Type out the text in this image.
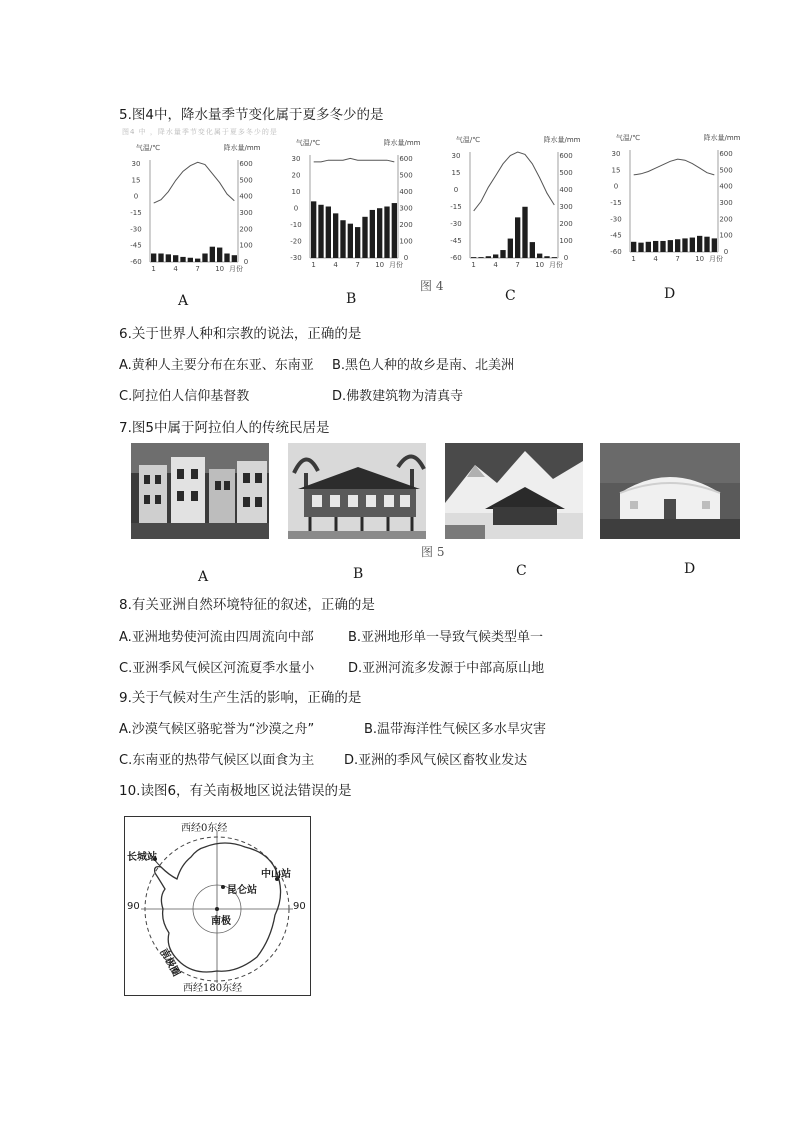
5.图4中，降水量季节变化属于夏多冬少的是
图4 中 ，降水量季节变化属于夏多冬少的是
气温/℃	降水量/mm
30
15
0
-15
-30
-45
-60
600
500
400
300
200
100
0
1	4	7 10 月份
气温/℃	降水量/mm
30
20
10
0
-10
-20
-30
600
500
400
300
200
100
0
1	4	7 10 月份
气温/℃	降水量/mm
30
15
0
-15
-30
-45
-60
600
500
400
300
200
100
0
1	4	7 10 月份
气温/℃	降水量/mm
30
15
0
-15
-30
-45
-60
600
500
400
300
200
100
0
1	4	7 10 月份
A	B	C	D
图 4
6.关于世界人种和宗教的说法，正确的是
A.黄种人主要分布在东亚、东南亚 B.黑色人种的故乡是南、北美洲
C.阿拉伯人信仰基督教	D.佛教建筑物为清真寺
7.图5中属于阿拉伯人的传统民居是
图 5
A	B	C	D
8.有关亚洲自然环境特征的叙述，正确的是
A.亚洲地势使河流由四周流向中部	B.亚洲地形单一导致气候类型单一
C.亚洲季风气候区河流夏季水量小	D.亚洲河流多发源于中部高原山地
9.关于气候对生产生活的影响，正确的是
A.沙漠气候区骆驼誉为“沙漠之舟”	B.温带海洋性气候区多水旱灾害
C.东南亚的热带气候区以面食为主 D.亚洲的季风气候区畜牧业发达
10.读图6，有关南极地区说法错误的是
西经0东经
西经180东经
90	90
长城站
中山站
昆仑站
南极
南极圈
